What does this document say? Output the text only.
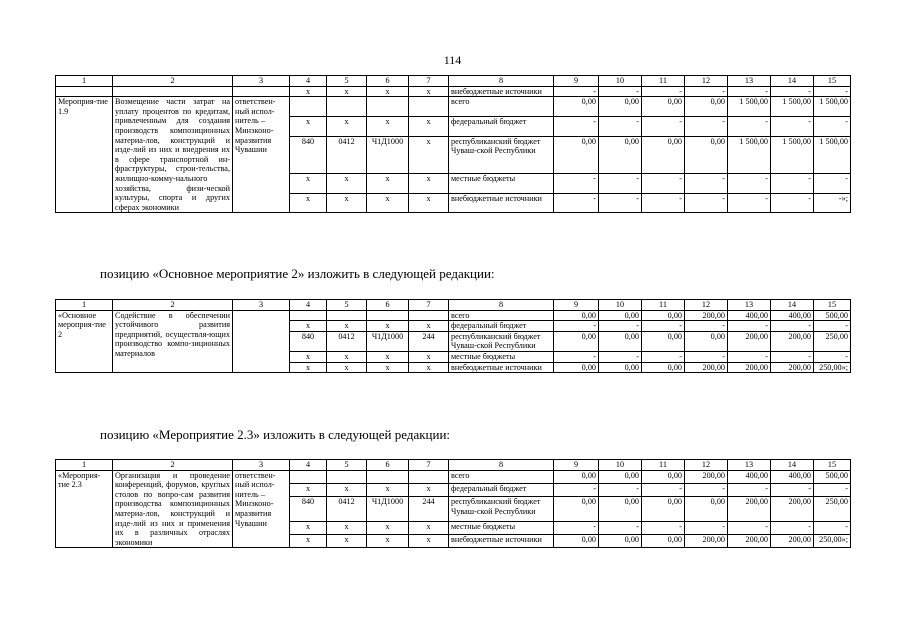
114
1	2	3	4	5	6	7	8	9	10	11	12	13	14	15
			х	х	х	х	внебюджетные источники	-	-	-	-	-	-	-
Мероприя-тие 1.9	Возмещение части затрат на уплату процентов по кредитам, привлеченным для создания производств композиционных материа-лов, конструкций и изде-лий из них и внедрения их в сфере транспортной ин-фраструктуры, строи-тельства, жилищно-комму-нального хозяйства, физи-ческой культуры, спорта и других сферах экономики	ответствен-ный испол-нитель – Минэконо-мразвития Чувашии					всего	0,00	0,00	0,00	0,00	1 500,00	1 500,00	1 500,00
			х	х	х	х	федеральный бюджет	-	-	-	-	-	-	-
			840	0412	Ч1Д1000	х	республиканский бюджет Чуваш-ской Республики	0,00	0,00	0,00	0,00	1 500,00	1 500,00	1 500,00
			х	х	х	х	местные бюджеты	-	-	-	-	-	-	-
			х	х	х	х	внебюджетные источники	-	-	-	-	-	-	-»;
позицию «Основное мероприятие 2» изложить в следующей редакции:
1	2	3	4	5	6	7	8	9	10	11	12	13	14	15
«Основное мероприя-тие 2	Содействие в обеспечении устойчивого развития предприятий, осуществля-ющих производство компо-зиционных материалов						всего	0,00	0,00	0,00	200,00	400,00	400,00	500,00
			х	х	х	х	федеральный бюджет	-	-	-	-	-	-	-
			840	0412	Ч1Д1000	244	республиканский бюджет Чуваш-ской Республики	0,00	0,00	0,00	0,00	200,00	200,00	250,00
			х	х	х	х	местные бюджеты	-	-	-	-	-	-	-
			х	х	х	х	внебюджетные источники	0,00	0,00	0,00	200,00	200,00	200,00	250,00»;
позицию «Мероприятие 2.3» изложить в следующей редакции:
1	2	3	4	5	6	7	8	9	10	11	12	13	14	15
«Мероприя-тие 2.3	Организация и проведение конференций, форумов, круглых столов по вопро-сам развития производства композиционных материа-лов, конструкций и изде-лий из них и применения их в различных отраслях экономики	ответствен-ный испол-нитель – Минэконо-мразвития Чувашии					всего	0,00	0,00	0,00	200,00	400,00	400,00	500,00
			х	х	х	х	федеральный бюджет	-	-	-	-	-	-	-
			840	0412	Ч1Д1000	244	республиканский бюджет Чуваш-ской Республики	0,00	0,00	0,00	0,00	200,00	200,00	250,00
			х	х	х	х	местные бюджеты	-	-	-	-	-	-	-
			х	х	х	х	внебюджетные источники	0,00	0,00	0,00	200,00	200,00	200,00	250,00»;
